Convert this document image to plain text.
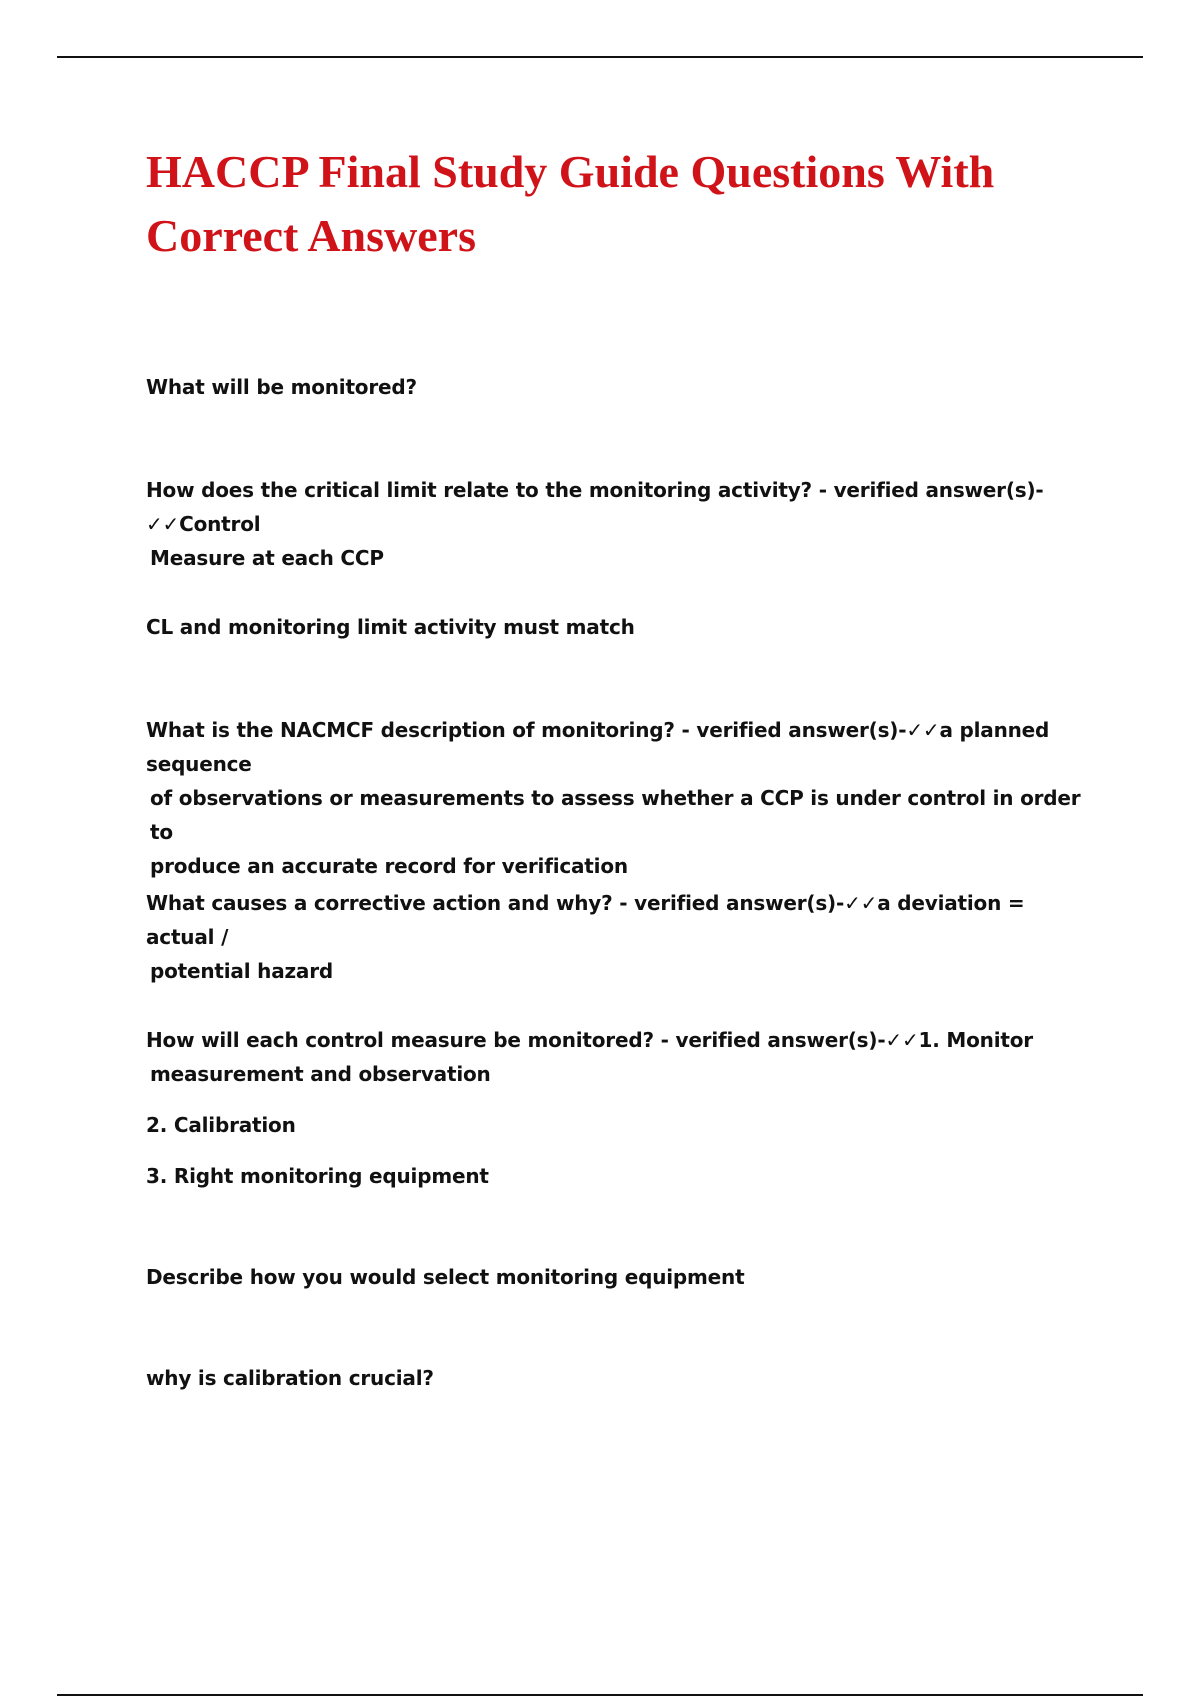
HACCP Final Study Guide Questions With
Correct Answers
What will be monitored?
How does the critical limit relate to the monitoring activity? - verified answer(s)-✓✓Control
Measure at each CCP
CL and monitoring limit activity must match
What is the NACMCF description of monitoring? - verified answer(s)-✓✓a planned sequence
of observations or measurements to assess whether a CCP is under control in order to
produce an accurate record for verification
What causes a corrective action and why? - verified answer(s)-✓✓a deviation = actual /
potential hazard
How will each control measure be monitored? - verified answer(s)-✓✓1. Monitor
measurement and observation
2. Calibration
3. Right monitoring equipment
Describe how you would select monitoring equipment
why is calibration crucial?
